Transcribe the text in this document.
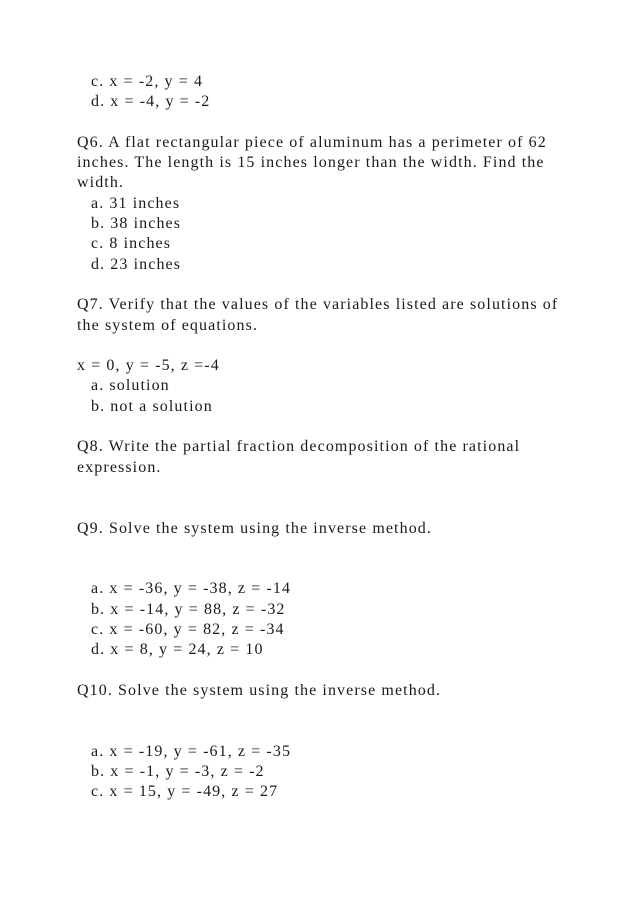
c. x = -2, y = 4
d. x = -4, y = -2
Q6. A flat rectangular piece of aluminum has a perimeter of 62
inches. The length is 15 inches longer than the width. Find the
width.
a. 31 inches
b. 38 inches
c. 8 inches
d. 23 inches
Q7. Verify that the values of the variables listed are solutions of
the system of equations.
x = 0, y = -5, z =-4
a. solution
b. not a solution
Q8. Write the partial fraction decomposition of the rational
expression.
Q9. Solve the system using the inverse method.
a. x = -36, y = -38, z = -14
b. x = -14, y = 88, z = -32
c. x = -60, y = 82, z = -34
d. x = 8, y = 24, z = 10
Q10. Solve the system using the inverse method.
a. x = -19, y = -61, z = -35
b. x = -1, y = -3, z = -2
c. x = 15, y = -49, z = 27
